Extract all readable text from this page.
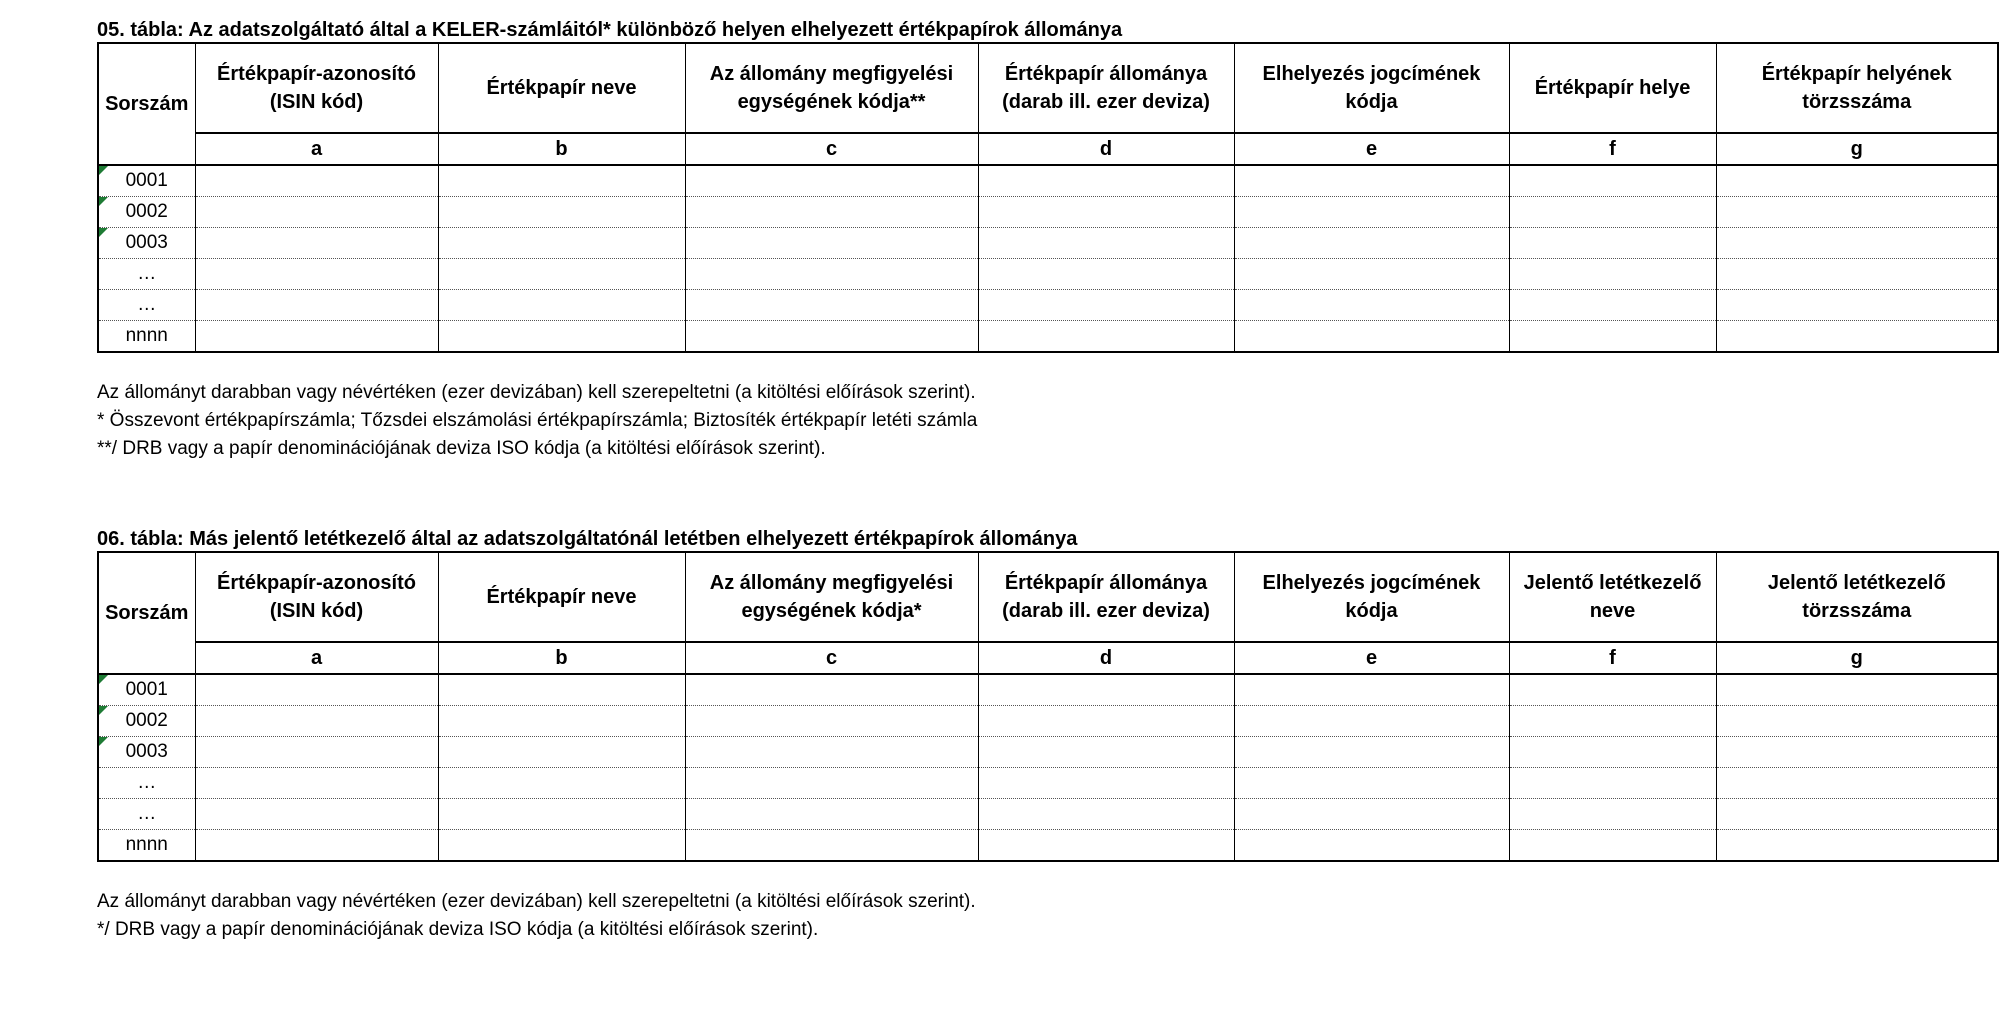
05. tábla: Az adatszolgáltató által a KELER-számláitól* különböző helyen elhelyezett értékpapírok állománya
Sorszám	Értékpapír-azonosító (ISIN kód)	Értékpapír neve	Az állomány megfigyelési egységének kódja**	Értékpapír állománya (darab ill. ezer deviza)	Elhelyezés jogcímének kódja	Értékpapír helye	Értékpapír helyének törzsszáma
	a	b	c	d	e	f	g

0001							

0002							

0003							
…							
…							
nnnn							
Az állományt darabban vagy névértéken (ezer devizában) kell szerepeltetni (a kitöltési előírások szerint).
* Összevont értékpapírszámla; Tőzsdei elszámolási értékpapírszámla; Biztosíték értékpapír letéti számla
**/ DRB vagy a papír denominációjának deviza ISO kódja (a kitöltési előírások szerint).
06. tábla: Más jelentő letétkezelő által az adatszolgáltatónál letétben elhelyezett értékpapírok állománya
Sorszám	Értékpapír-azonosító (ISIN kód)	Értékpapír neve	Az állomány megfigyelési egységének kódja*	Értékpapír állománya (darab ill. ezer deviza)	Elhelyezés jogcímének kódja	Jelentő letétkezelő neve	Jelentő letétkezelő törzsszáma
	a	b	c	d	e	f	g

0001							

0002							

0003							
…							
…							
nnnn							
Az állományt darabban vagy névértéken (ezer devizában) kell szerepeltetni (a kitöltési előírások szerint).
*/ DRB vagy a papír denominációjának deviza ISO kódja (a kitöltési előírások szerint).
